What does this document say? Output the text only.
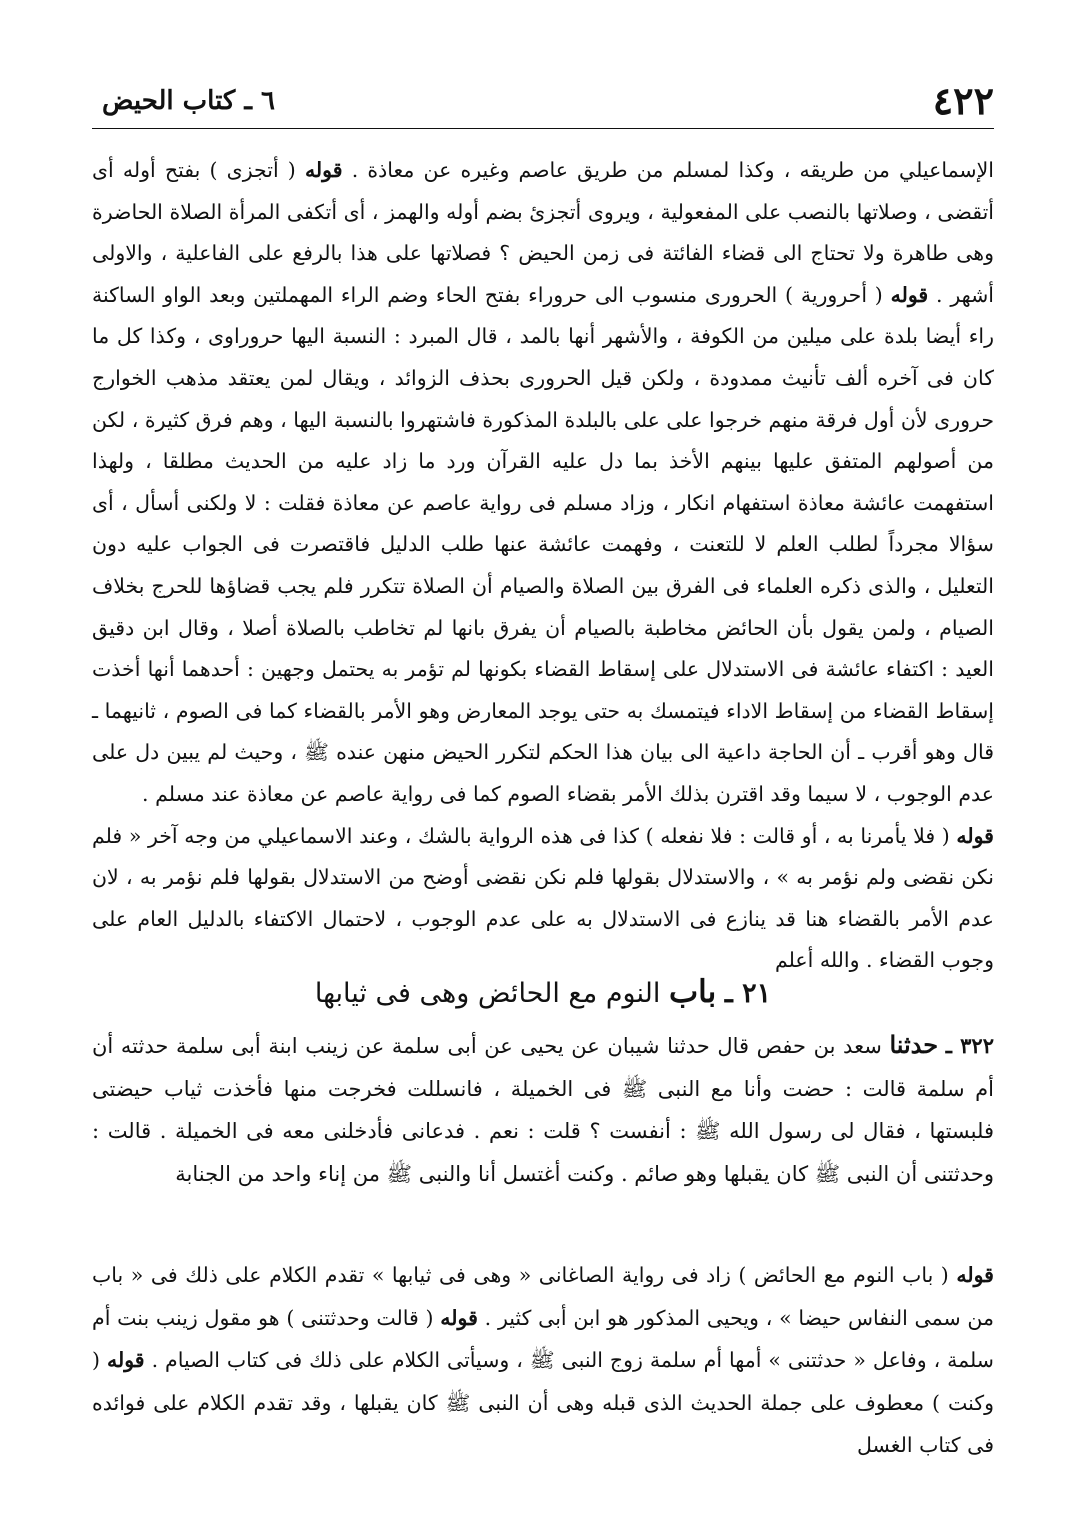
٤٢٢
٦ ـ كتاب الحيض

الإسماعيلي من طريقه ، وكذا لمسلم من طريق عاصم وغيره عن معاذة . قوله ( أتجزى ) بفتح أوله أى أتقضى ، وصلاتها بالنصب على المفعولية ، ويروى أتجزئ بضم أوله والهمز ، أى أتكفى المرأة الصلاة الحاضرة وهى طاهرة ولا تحتاج الى قضاء الفائتة فى زمن الحيض ؟ فصلاتها على هذا بالرفع على الفاعلية ، والاولى أشهر . قوله ( أحرورية ) الحرورى منسوب الى حروراء بفتح الحاء وضم الراء المهملتين وبعد الواو الساكنة راء أيضا بلدة على ميلين من الكوفة ، والأشهر أنها بالمد ، قال المبرد : النسبة اليها حروراوى ، وكذا كل ما كان فى آخره ألف تأنيث ممدودة ، ولكن قيل الحرورى بحذف الزوائد ، ويقال لمن يعتقد مذهب الخوارج حرورى لأن أول فرقة منهم خرجوا على على بالبلدة المذكورة فاشتهروا بالنسبة اليها ، وهم فرق كثيرة ، لكن من أصولهم المتفق عليها بينهم الأخذ بما دل عليه القرآن ورد ما زاد عليه من الحديث مطلقا ، ولهذا استفهمت عائشة معاذة استفهام انكار ، وزاد مسلم فى رواية عاصم عن معاذة فقلت : لا ولكنى أسأل ، أى سؤالا مجرداً لطلب العلم لا للتعنت ، وفهمت عائشة عنها طلب الدليل فاقتصرت فى الجواب عليه دون التعليل ، والذى ذكره العلماء فى الفرق بين الصلاة والصيام أن الصلاة تتكرر فلم يجب قضاؤها للحرج بخلاف الصيام ، ولمن يقول بأن الحائض مخاطبة بالصيام أن يفرق بانها لم تخاطب بالصلاة أصلا ، وقال ابن دقيق العيد : اكتفاء عائشة فى الاستدلال على إسقاط القضاء بكونها لم تؤمر به يحتمل وجهين : أحدهما أنها أخذت إسقاط القضاء من إسقاط الاداء فيتمسك به حتى يوجد المعارض وهو الأمر بالقضاء كما فى الصوم ، ثانيهما ـ قال وهو أقرب ـ أن الحاجة داعية الى بيان هذا الحكم لتكرر الحيض منهن عنده ﷺ ، وحيث لم يبين دل على عدم الوجوب ، لا سيما وقد اقترن بذلك الأمر بقضاء الصوم كما فى رواية عاصم عن معاذة عند مسلم .

قوله ( فلا يأمرنا به ، أو قالت : فلا نفعله ) كذا فى هذه الرواية بالشك ، وعند الاسماعيلي من وجه آخر « فلم نكن نقضى ولم نؤمر به » ، والاستدلال بقولها فلم نكن نقضى أوضح من الاستدلال بقولها فلم نؤمر به ، لان عدم الأمر بالقضاء هنا قد ينازع فى الاستدلال به على عدم الوجوب ، لاحتمال الاكتفاء بالدليل العام على وجوب القضاء . والله أعلم

٢١ ـ باب النوم مع الحائض وهى فى ثيابها

٣٢٢ ـ حدثنا سعد بن حفص قال حدثنا شيبان عن يحيى عن أبى سلمة عن زينب ابنة أبى سلمة حدثته أن أم سلمة قالت : حضت وأنا مع النبى ﷺ فى الخميلة ، فانسللت فخرجت منها فأخذت ثياب حيضتى فلبستها ، فقال لى رسول الله ﷺ : أنفست ؟ قلت : نعم . فدعانى فأدخلنى معه فى الخميلة . قالت : وحدثتنى أن النبى ﷺ كان يقبلها وهو صائم . وكنت أغتسل أنا والنبى ﷺ من إناء واحد من الجنابة

قوله ( باب النوم مع الحائض ) زاد فى رواية الصاغانى « وهى فى ثيابها » تقدم الكلام على ذلك فى « باب من سمى النفاس حيضا » ، ويحيى المذكور هو ابن أبى كثير . قوله ( قالت وحدثتنى ) هو مقول زينب بنت أم سلمة ، وفاعل « حدثتنى » أمها أم سلمة زوج النبى ﷺ ، وسيأتى الكلام على ذلك فى كتاب الصيام . قوله ( وكنت ) معطوف على جملة الحديث الذى قبله وهى أن النبى ﷺ كان يقبلها ، وقد تقدم الكلام على فوائده فى كتاب الغسل
